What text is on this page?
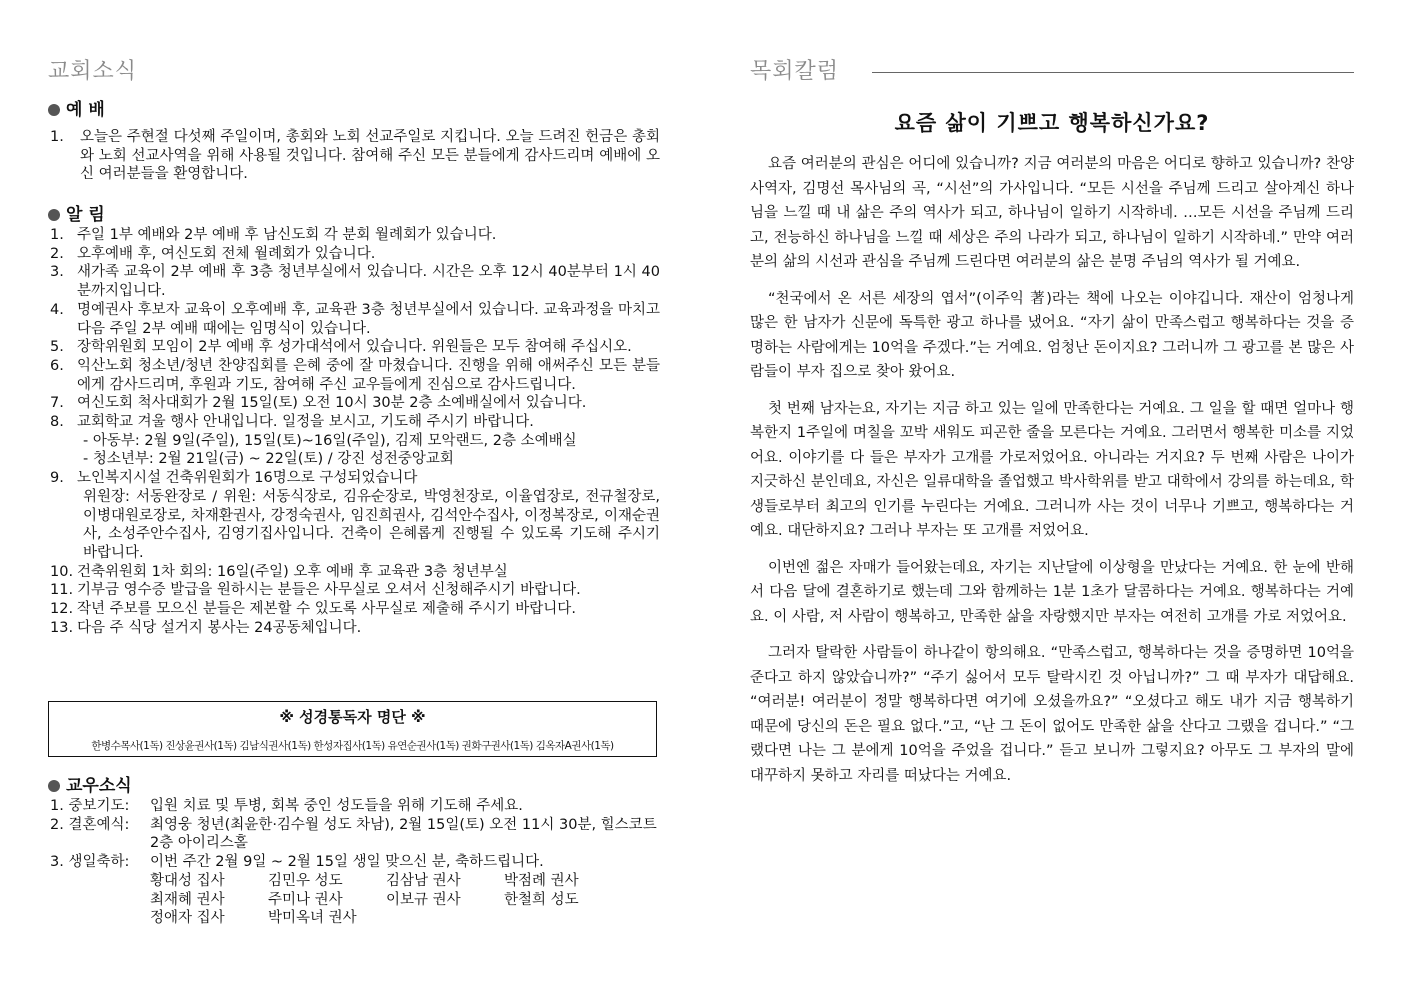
교회소식
예 배
1. 오늘은 주현절 다섯째 주일이며, 총회와 노회 선교주일로 지킵니다. 오늘 드려진 헌금은 총회와 노회 선교사역을 위해 사용될 것입니다. 참여해 주신 모든 분들에게 감사드리며 예배에 오신 여러분들을 환영합니다.
알 림
1. 주일 1부 예배와 2부 예배 후 남신도회 각 분회 월례회가 있습니다.
2. 오후예배 후, 여신도회 전체 월례회가 있습니다.
3. 새가족 교육이 2부 예배 후 3층 청년부실에서 있습니다. 시간은 오후 12시 40분부터 1시 40분까지입니다.
4. 명예권사 후보자 교육이 오후예배 후, 교육관 3층 청년부실에서 있습니다. 교육과정을 마치고 다음 주일 2부 예배 때에는 임명식이 있습니다.
5. 장학위원회 모임이 2부 예배 후 성가대석에서 있습니다. 위원들은 모두 참여해 주십시오.
6. 익산노회 청소년/청년 찬양집회를 은혜 중에 잘 마쳤습니다. 진행을 위해 애써주신 모든 분들에게 감사드리며, 후원과 기도, 참여해 주신 교우들에게 진심으로 감사드립니다.
7. 여신도회 척사대회가 2월 15일(토) 오전 10시 30분 2층 소예배실에서 있습니다.
8. 교회학교 겨울 행사 안내입니다. 일정을 보시고, 기도해 주시기 바랍니다.
- 아동부: 2월 9일(주일), 15일(토)~16일(주일), 김제 모악랜드, 2층 소예배실
- 청소년부: 2월 21일(금) ~ 22일(토) / 강진 성전중앙교회
9. 노인복지시설 건축위원회가 16명으로 구성되었습니다
위원장: 서동완장로 / 위원: 서동식장로, 김유순장로, 박영천장로, 이율엽장로, 전규철장로, 이병대원로장로, 차재환권사, 강정숙권사, 임진희권사, 김석안수집사, 이정복장로, 이재순권사, 소성주안수집사, 김영기집사입니다. 건축이 은혜롭게 진행될 수 있도록 기도해 주시기 바랍니다.
10. 건축위원회 1차 회의: 16일(주일) 오후 예배 후 교육관 3층 청년부실
11. 기부금 영수증 발급을 원하시는 분들은 사무실로 오셔서 신청해주시기 바랍니다.
12. 작년 주보를 모으신 분들은 제본할 수 있도록 사무실로 제출해 주시기 바랍니다.
13. 다음 주 식당 설거지 봉사는 24공동체입니다.
※ 성경통독자 명단 ※
한병수목사(1독) 진상윤권사(1독) 김남식권사(1독) 한성자집사(1독) 유연순권사(1독) 권화구권사(1독) 김옥자A권사(1독)
교우소식
1. 중보기도:	입원 치료 및 투병, 회복 중인 성도들을 위해 기도해 주세요.
2. 결혼예식:	최영웅 청년(최윤한·김수월 성도 차남), 2월 15일(토) 오전 11시 30분, 힐스코트 2층 아이리스홀
3. 생일축하:	이번 주간 2월 9일 ~ 2월 15일 생일 맞으신 분, 축하드립니다.
황대성 집사	김민우 성도	김삼남 권사	박점례 권사
최재혜 권사	주미나 권사	이보규 권사	한철희 성도
정애자 집사	박미옥녀 권사
목회칼럼
요즘 삶이 기쁘고 행복하신가요?

요즘 여러분의 관심은 어디에 있습니까? 지금 여러분의 마음은 어디로 향하고 있습니까? 찬양사역자, 김명선 목사님의 곡, “시선”의 가사입니다. “모든 시선을 주님께 드리고 살아계신 하나님을 느낄 때 내 삶은 주의 역사가 되고, 하나님이 일하기 시작하네. …모든 시선을 주님께 드리고, 전능하신 하나님을 느낄 때 세상은 주의 나라가 되고, 하나님이 일하기 시작하네.” 만약 여러분의 삶의 시선과 관심을 주님께 드린다면 여러분의 삶은 분명 주님의 역사가 될 거예요.

“천국에서 온 서른 세장의 엽서”(이주익 著)라는 책에 나오는 이야깁니다. 재산이 엄청나게 많은 한 남자가 신문에 독특한 광고 하나를 냈어요. “자기 삶이 만족스럽고 행복하다는 것을 증명하는 사람에게는 10억을 주겠다.”는 거예요. 엄청난 돈이지요? 그러니까 그 광고를 본 많은 사람들이 부자 집으로 찾아 왔어요.

첫 번째 남자는요, 자기는 지금 하고 있는 일에 만족한다는 거예요. 그 일을 할 때면 얼마나 행복한지 1주일에 며칠을 꼬박 새워도 피곤한 줄을 모른다는 거예요. 그러면서 행복한 미소를 지었어요. 이야기를 다 들은 부자가 고개를 가로저었어요. 아니라는 거지요? 두 번째 사람은 나이가 지긋하신 분인데요, 자신은 일류대학을 졸업했고 박사학위를 받고 대학에서 강의를 하는데요, 학생들로부터 최고의 인기를 누린다는 거예요. 그러니까 사는 것이 너무나 기쁘고, 행복하다는 거예요. 대단하지요? 그러나 부자는 또 고개를 저었어요.

이번엔 젊은 자매가 들어왔는데요, 자기는 지난달에 이상형을 만났다는 거예요. 한 눈에 반해서 다음 달에 결혼하기로 했는데 그와 함께하는 1분 1초가 달콤하다는 거예요. 행복하다는 거예요. 이 사람, 저 사람이 행복하고, 만족한 삶을 자랑했지만 부자는 여전히 고개를 가로 저었어요.

그러자 탈락한 사람들이 하나같이 항의해요. “만족스럽고, 행복하다는 것을 증명하면 10억을 준다고 하지 않았습니까?” “주기 싫어서 모두 탈락시킨 것 아닙니까?” 그 때 부자가 대답해요. “여러분! 여러분이 정말 행복하다면 여기에 오셨을까요?” “오셨다고 해도 내가 지금 행복하기 때문에 당신의 돈은 필요 없다.”고, “난 그 돈이 없어도 만족한 삶을 산다고 그랬을 겁니다.” “그랬다면 나는 그 분에게 10억을 주었을 겁니다.” 듣고 보니까 그렇지요? 아무도 그 부자의 말에 대꾸하지 못하고 자리를 떠났다는 거예요.
